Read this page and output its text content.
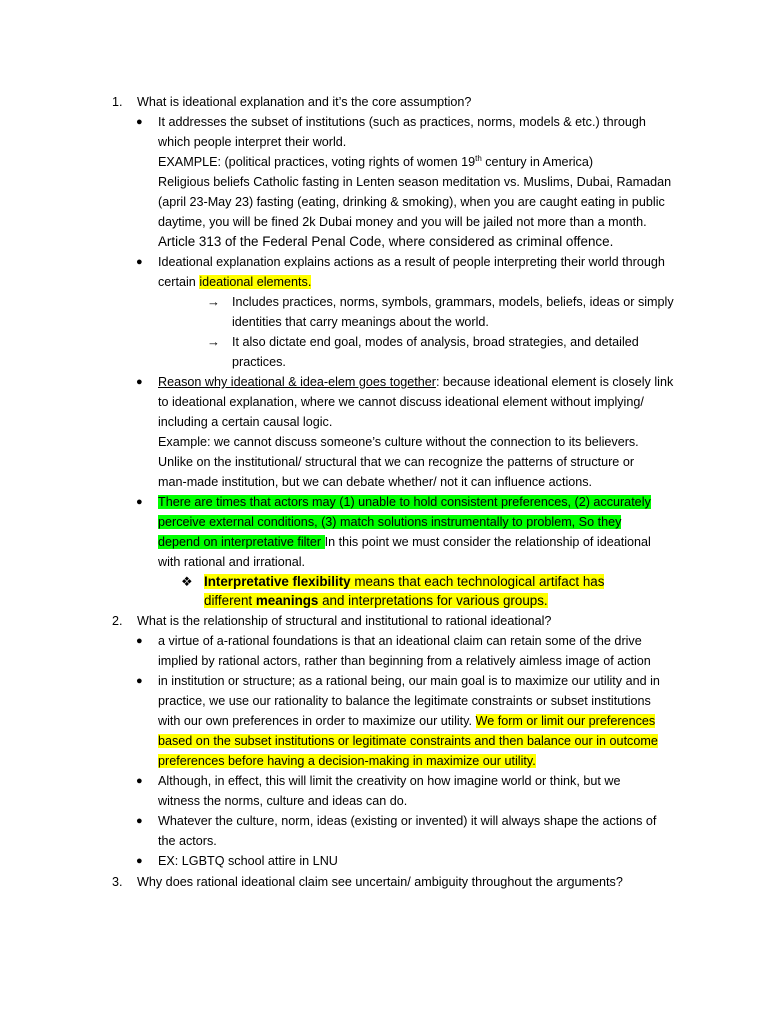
1. What is ideational explanation and it’s the core assumption?
● It addresses the subset of institutions (such as practices, norms, models & etc.) through
which people interpret their world.
EXAMPLE: (political practices, voting rights of women 19th century in America)
Religious beliefs Catholic fasting in Lenten season meditation vs. Muslims, Dubai, Ramadan
(april 23-May 23) fasting (eating, drinking & smoking), when you are caught eating in public
daytime, you will be fined 2k Dubai money and you will be jailed not more than a month.
Article 313 of the Federal Penal Code, where considered as criminal offence.
● Ideational explanation explains actions as a result of people interpreting their world through
certain ideational elements.
→ Includes practices, norms, symbols, grammars, models, beliefs, ideas or simply
identities that carry meanings about the world.
→ It also dictate end goal, modes of analysis, broad strategies, and detailed
practices.
● Reason why ideational & idea-elem goes together: because ideational element is closely link
to ideational explanation, where we cannot discuss ideational element without implying/
including a certain causal logic.
Example: we cannot discuss someone’s culture without the connection to its believers.
Unlike on the institutional/ structural that we can recognize the patterns of structure or
man-made institution, but we can debate whether/ not it can influence actions.
● There are times that actors may (1) unable to hold consistent preferences, (2) accurately
perceive external conditions, (3) match solutions instrumentally to problem, So they
depend on interpretative filter In this point we must consider the relationship of ideational
with rational and irrational.
❖ Interpretative flexibility means that each technological artifact has
different meanings and interpretations for various groups.
2. What is the relationship of structural and institutional to rational ideational?
● a virtue of a-rational foundations is that an ideational claim can retain some of the drive
implied by rational actors, rather than beginning from a relatively aimless image of action
● in institution or structure; as a rational being, our main goal is to maximize our utility and in
practice, we use our rationality to balance the legitimate constraints or subset institutions
with our own preferences in order to maximize our utility. We form or limit our preferences
based on the subset institutions or legitimate constraints and then balance our in outcome
preferences before having a decision-making in maximize our utility.
● Although, in effect, this will limit the creativity on how imagine world or think, but we
witness the norms, culture and ideas can do.
● Whatever the culture, norm, ideas (existing or invented) it will always shape the actions of
the actors.
● EX: LGBTQ school attire in LNU
3. Why does rational ideational claim see uncertain/ ambiguity throughout the arguments?
